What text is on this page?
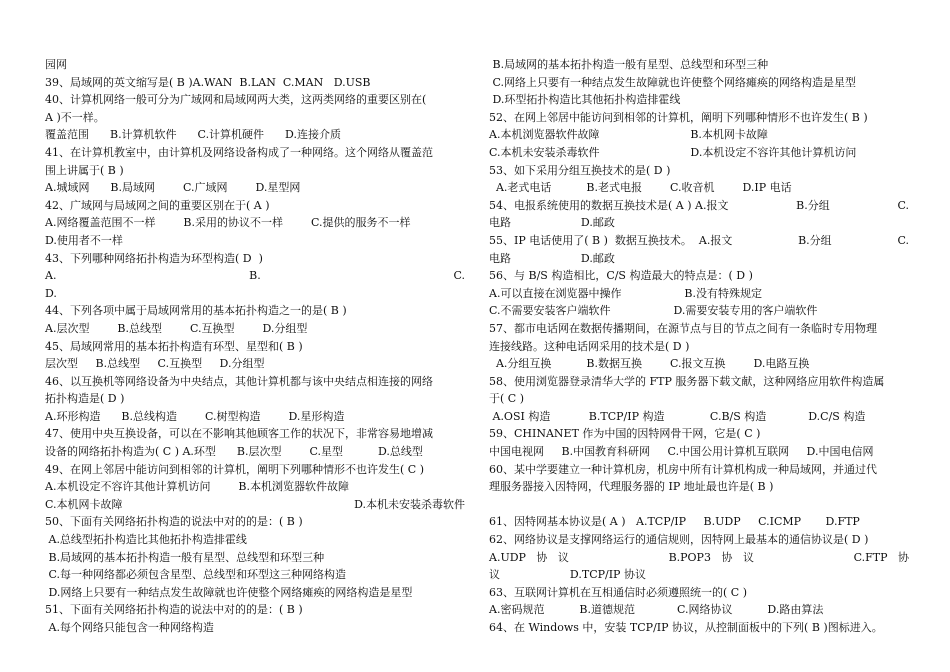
园网
39、局域网的英文缩写是( B )A.WAN  B.LAN  C.MAN   D.USB
40、计算机网络一般可分为广域网和局域网两大类，这两类网络的重要区别在(
A )不一样。
覆盖范围      B.计算机软件      C.计算机硬件      D.连接介质
41、在计算机教室中，由计算机及网络设备构成了一种网络。这个网络从覆盖范
围上讲属于( B )
A.城域网      B.局域网        C.广域网        D.星型网
42、广域网与局域网之间的重要区别在于( A )
A.网络覆盖范围不一样        B.采用的协议不一样        C.提供的服务不一样
D.使用者不一样
43、下列哪种网络拓扑构造为环型构造( D  )
A.	B.	C.
D.
44、下列各项中属于局域网常用的基本拓扑构造之一的是( B )
A.层次型        B.总线型        C.互换型        D.分组型
45、局域网常用的基本拓扑构造有环型、星型和( B )
层次型     B.总线型     C.互换型     D.分组型
46、以互换机等网络设备为中央结点，其他计算机都与该中央结点相连接的网络
拓扑构造是( D )
A.环形构造      B.总线构造        C.树型构造        D.星形构造
47、使用中央互换设备，可以在不影响其他顾客工作的状况下，非常容易地增减
设备的网络拓扑构造为( C ) A.环型      B.层次型        C.星型          D.总线型
49、在网上邻居中能访问到相邻的计算机，阐明下列哪种情形不也许发生( C )
A.本机设定不容许其他计算机访问        B.本机浏览器软件故障
C.本机网卡故障	D.本机未安装杀毒软件
50、下面有关网络拓扑构造的说法中对的的是：( B )
A.总线型拓扑构造比其他拓扑构造排霍线
B.局域网的基本拓扑构造一般有星型、总线型和环型三种
C.每一种网络都必须包含星型、总线型和环型这三种网络构造
D.网络上只要有一种结点发生故障就也许使整个网络瘫痪的网络构造是星型
51、下面有关网络拓扑构造的说法中对的的是：( B )
A.每个网络只能包含一种网络构造
B.局域网的基本拓扑构造一般有星型、总线型和环型三种
C.网络上只要有一种结点发生故障就也许使整个网络瘫痪的网络构造是星型
D.环型拓扑构造比其他拓扑构造排霍线
52、在网上邻居中能访问到相邻的计算机，阐明下列哪种情形不也许发生( B )
A.本机浏览器软件故障                          B.本机网卡故障
C.本机未安装杀毒软件                          D.本机设定不容许其他计算机访问
53、如下采用分组互换技术的是( D )
A.老式电话          B.老式电报        C.收音机        D.IP 电话
54、电报系统使用的数据互换技术是( A ) A.报文	B.分组	C.
电路                    D.邮政
55、IP 电话使用了( B )  数据互换技术。  A.报文	B.分组	C.
电路                    D.邮政
56、与 B/S 构造相比，C/S 构造最大的特点是：( D )
A.可以直接在浏览器中操作                  B.没有特殊规定
C.不需要安装客户端软件                  D.需要安装专用的客户端软件
57、都市电话网在数据传播期间，在源节点与目的节点之间有一条临时专用物理
连接线路。这种电话网采用的技术是( D )
A.分组互换          B.数据互换        C.报文互换        D.电路互换
58、使用浏览器登录清华大学的 FTP 服务器下载文献，这种网络应用软件构造属
于( C )
A.OSI 构造           B.TCP/IP 构造             C.B/S 构造            D.C/S 构造
59、CHINANET 作为中国的因特网骨干网，它是( C )
中国电视网     B.中国教育科研网     C.中国公用计算机互联网     D.中国电信网
60、某中学要建立一种计算机房，机房中所有计算机构成一种局域网，并通过代
理服务器接入因特网，代理服务器的 IP 地址最也许是( B )
61、因特网基本协议是( A )   A.TCP/IP     B.UDP     C.ICMP       D.FTP
62、网络协议是支撑网络运行的通信规则，因特网上最基本的通信协议是( D )
A.UDP   协   议	B.POP3   协   议	C.FTP   协
议                    D.TCP/IP 协议
63、互联网计算机在互相通信时必须遵照统一的( C )
A.密码规范          B.道德规范            C.网络协议          D.路由算法
64、在 Windows 中，安装 TCP/IP 协议，从控制面板中的下列( B )图标进入。
